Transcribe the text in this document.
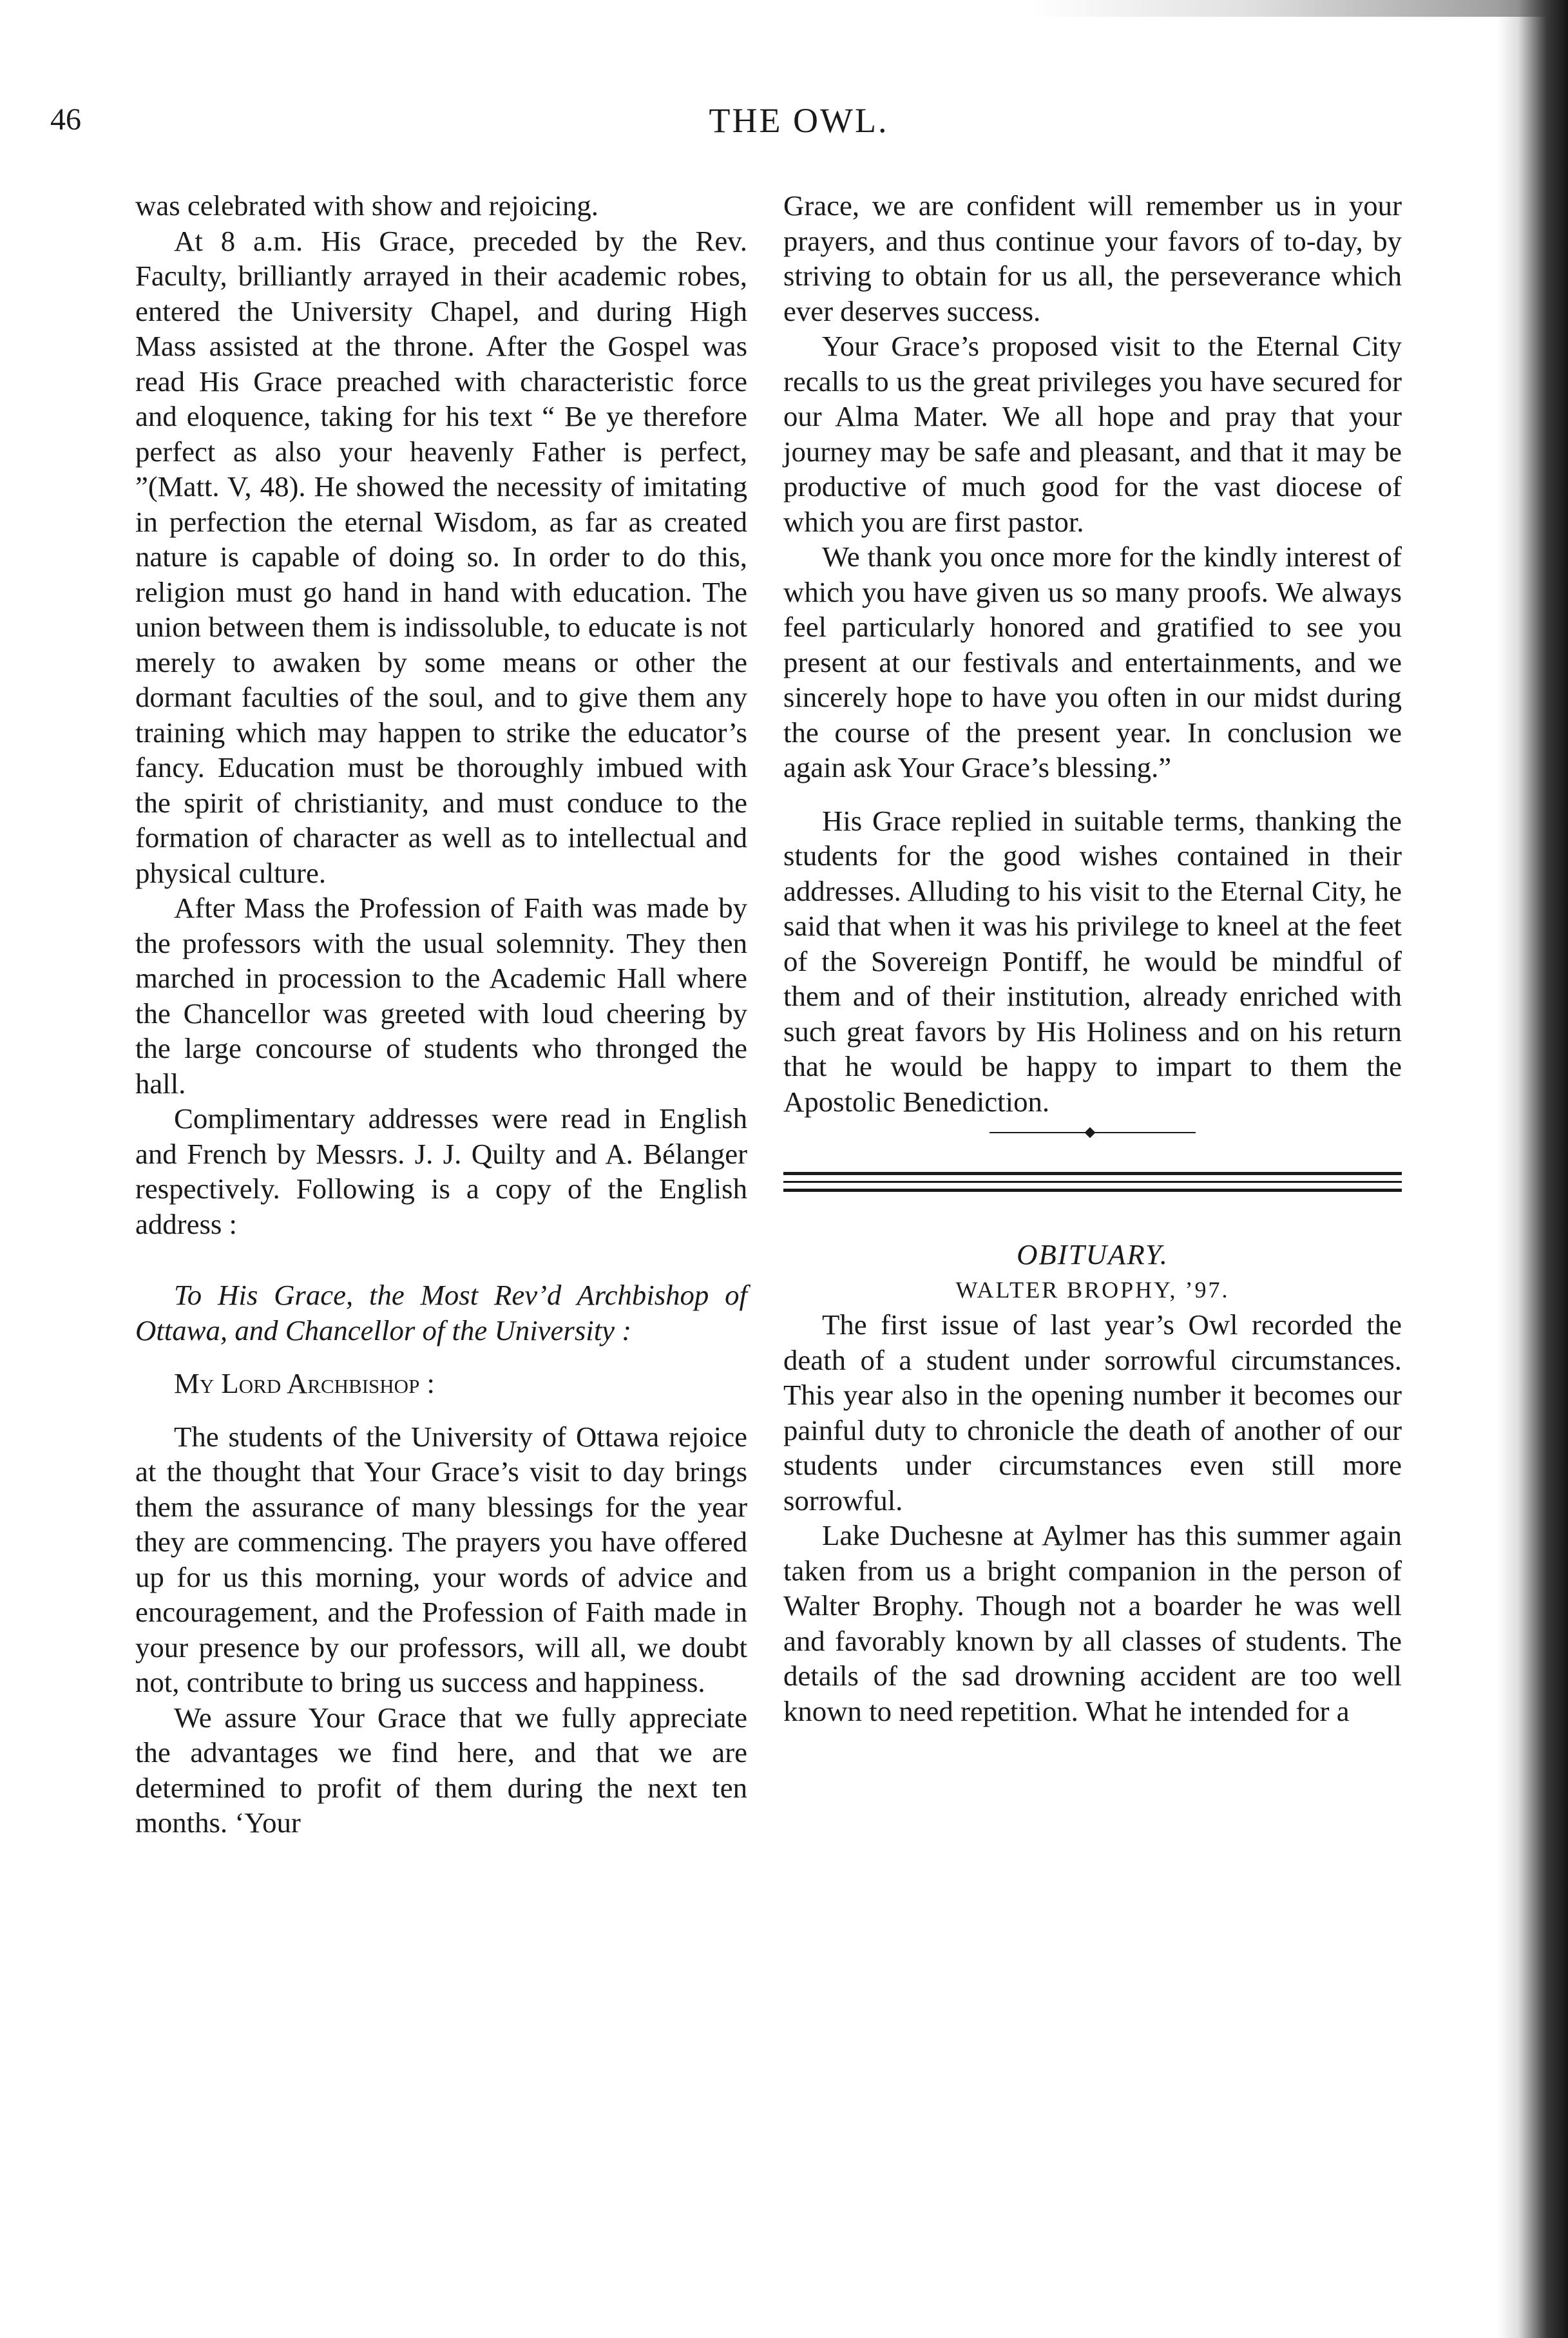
46	THE OWL.

was celebrated with show and rejoicing.

At 8 a.m. His Grace, preceded by the Rev. Faculty, brilliantly arrayed in their academic robes, entered the University Chapel, and during High Mass assisted at the throne. After the Gospel was read His Grace preached with characteristic force and eloquence, taking for his text “ Be ye therefore perfect as also your heavenly Father is perfect, ”(Matt. V, 48). He showed the necessity of imitating in perfection the eternal Wisdom, as far as created nature is capable of doing so. In order to do this, religion must go hand in hand with education. The union between them is indissoluble, to educate is not merely to awaken by some means or other the dormant faculties of the soul, and to give them any training which may happen to strike the educator’s fancy. Education must be thoroughly imbued with the spirit of christianity, and must conduce to the formation of character as well as to intellectual and physical culture.

After Mass the Profession of Faith was made by the professors with the usual solemnity. They then marched in procession to the Academic Hall where the Chancellor was greeted with loud cheering by the large concourse of students who thronged the hall.

Complimentary addresses were read in English and French by Messrs. J. J. Quilty and A. Bélanger respectively. Following is a copy of the English address :

To His Grace, the Most Rev’d Archbishop of Ottawa, and Chancellor of the University :

My Lord Archbishop :

The students of the University of Ottawa rejoice at the thought that Your Grace’s visit to day brings them the assurance of many blessings for the year they are commencing. The prayers you have offered up for us this morning, your words of advice and encouragement, and the Profession of Faith made in your presence by our professors, will all, we doubt not, contribute to bring us success and happiness.

We assure Your Grace that we fully appreciate the advantages we find here, and that we are determined to profit of them during the next ten months. ‘Your

Grace, we are confident will remember us in your prayers, and thus continue your favors of to-day, by striving to obtain for us all, the perseverance which ever deserves success.

Your Grace’s proposed visit to the Eternal City recalls to us the great privileges you have secured for our Alma Mater. We all hope and pray that your journey may be safe and pleasant, and that it may be productive of much good for the vast diocese of which you are first pastor.

We thank you once more for the kindly interest of which you have given us so many proofs. We always feel particularly honored and gratified to see you present at our festivals and entertainments, and we sincerely hope to have you often in our midst during the course of the present year. In conclusion we again ask Your Grace’s blessing.”

His Grace replied in suitable terms, thanking the students for the good wishes contained in their addresses. Alluding to his visit to the Eternal City, he said that when it was his privilege to kneel at the feet of the Sovereign Pontiff, he would be mindful of them and of their institution, already enriched with such great favors by His Holiness and on his return that he would be happy to impart to them the Apostolic Benediction.

OBITUARY.

WALTER BROPHY, ’97.

The first issue of last year’s Owl recorded the death of a student under sorrowful circumstances. This year also in the opening number it becomes our painful duty to chronicle the death of another of our students under circumstances even still more sorrowful.

Lake Duchesne at Aylmer has this summer again taken from us a bright companion in the person of Walter Brophy. Though not a boarder he was well and favorably known by all classes of students. The details of the sad drowning accident are too well known to need repetition. What he intended for a
